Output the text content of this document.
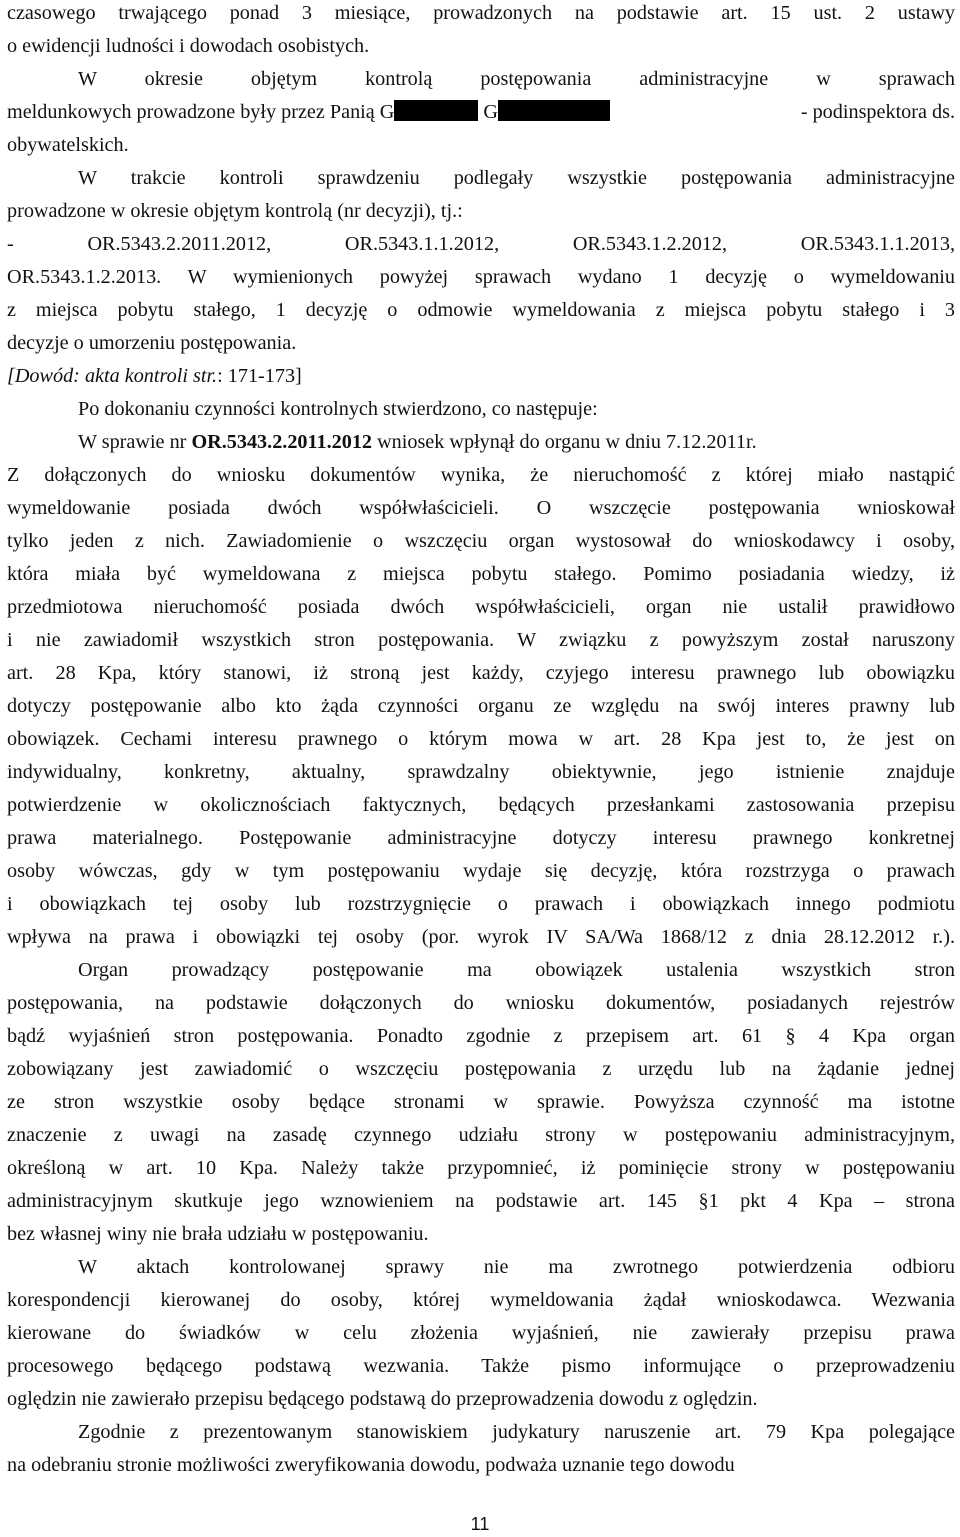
czasowego trwającego ponad 3 miesiące, prowadzonych na podstawie art. 15 ust. 2 ustawy
o ewidencji ludności i dowodach osobistych.
W okresie objętym kontrolą postępowania administracyjne w sprawach
meldunkowych prowadzone były przez Panią G	G	- podinspektora ds.
obywatelskich.
W trakcie kontroli sprawdzeniu podlegały wszystkie postępowania administracyjne
prowadzone w okresie objętym kontrolą (nr decyzji), tj.:
- OR.5343.2.2011.2012, OR.5343.1.1.2012, OR.5343.1.2.2012, OR.5343.1.1.2013,
OR.5343.1.2.2013. W wymienionych powyżej sprawach wydano 1 decyzję o wymeldowaniu
z miejsca pobytu stałego, 1 decyzję o odmowie wymeldowania z miejsca pobytu stałego i 3
decyzje o umorzeniu postępowania.
[Dowód: akta kontroli str.: 171-173]
Po dokonaniu czynności kontrolnych stwierdzono, co następuje:
W sprawie nr OR.5343.2.2011.2012 wniosek wpłynął do organu w dniu 7.12.2011r.
Z dołączonych do wniosku dokumentów wynika, że nieruchomość z której miało nastąpić
wymeldowanie posiada dwóch współwłaścicieli. O wszczęcie postępowania wnioskował
tylko jeden z nich. Zawiadomienie o wszczęciu organ wystosował do wnioskodawcy i osoby,
która miała być wymeldowana z miejsca pobytu stałego. Pomimo posiadania wiedzy, iż
przedmiotowa nieruchomość posiada dwóch współwłaścicieli, organ nie ustalił prawidłowo
i nie zawiadomił wszystkich stron postępowania. W związku z powyższym został naruszony
art. 28 Kpa, który stanowi, iż stroną jest każdy, czyjego interesu prawnego lub obowiązku
dotyczy postępowanie albo kto żąda czynności organu ze względu na swój interes prawny lub
obowiązek. Cechami interesu prawnego o którym mowa w art. 28 Kpa jest to, że jest on
indywidualny, konkretny, aktualny, sprawdzalny obiektywnie, jego istnienie znajduje
potwierdzenie w okolicznościach faktycznych, będących przesłankami zastosowania przepisu
prawa materialnego. Postępowanie administracyjne dotyczy interesu prawnego konkretnej
osoby wówczas, gdy w tym postępowaniu wydaje się decyzję, która rozstrzyga o prawach
i obowiązkach tej osoby lub rozstrzygnięcie o prawach i obowiązkach innego podmiotu
wpływa na prawa i obowiązki tej osoby (por. wyrok IV SA/Wa 1868/12 z dnia 28.12.2012 r.).
Organ prowadzący postępowanie ma obowiązek ustalenia wszystkich stron
postępowania, na podstawie dołączonych do wniosku dokumentów, posiadanych rejestrów
bądź wyjaśnień stron postępowania. Ponadto zgodnie z przepisem art. 61 § 4 Kpa organ
zobowiązany jest zawiadomić o wszczęciu postępowania z urzędu lub na żądanie jednej
ze stron wszystkie osoby będące stronami w sprawie. Powyższa czynność ma istotne
znaczenie z uwagi na zasadę czynnego udziału strony w postępowaniu administracyjnym,
określoną w art. 10 Kpa. Należy także przypomnieć, iż pominięcie strony w postępowaniu
administracyjnym skutkuje jego wznowieniem na podstawie art. 145 §1 pkt 4 Kpa – strona
bez własnej winy nie brała udziału w postępowaniu.
W aktach kontrolowanej sprawy nie ma zwrotnego potwierdzenia odbioru
korespondencji kierowanej do osoby, której wymeldowania żądał wnioskodawca. Wezwania
kierowane do świadków w celu złożenia wyjaśnień, nie zawierały przepisu prawa
procesowego będącego podstawą wezwania. Także pismo informujące o przeprowadzeniu
oględzin nie zawierało przepisu będącego podstawą do przeprowadzenia dowodu z oględzin.
Zgodnie z prezentowanym stanowiskiem judykatury naruszenie art. 79 Kpa polegające
na odebraniu stronie możliwości zweryfikowania dowodu, podważa uznanie tego dowodu
11
